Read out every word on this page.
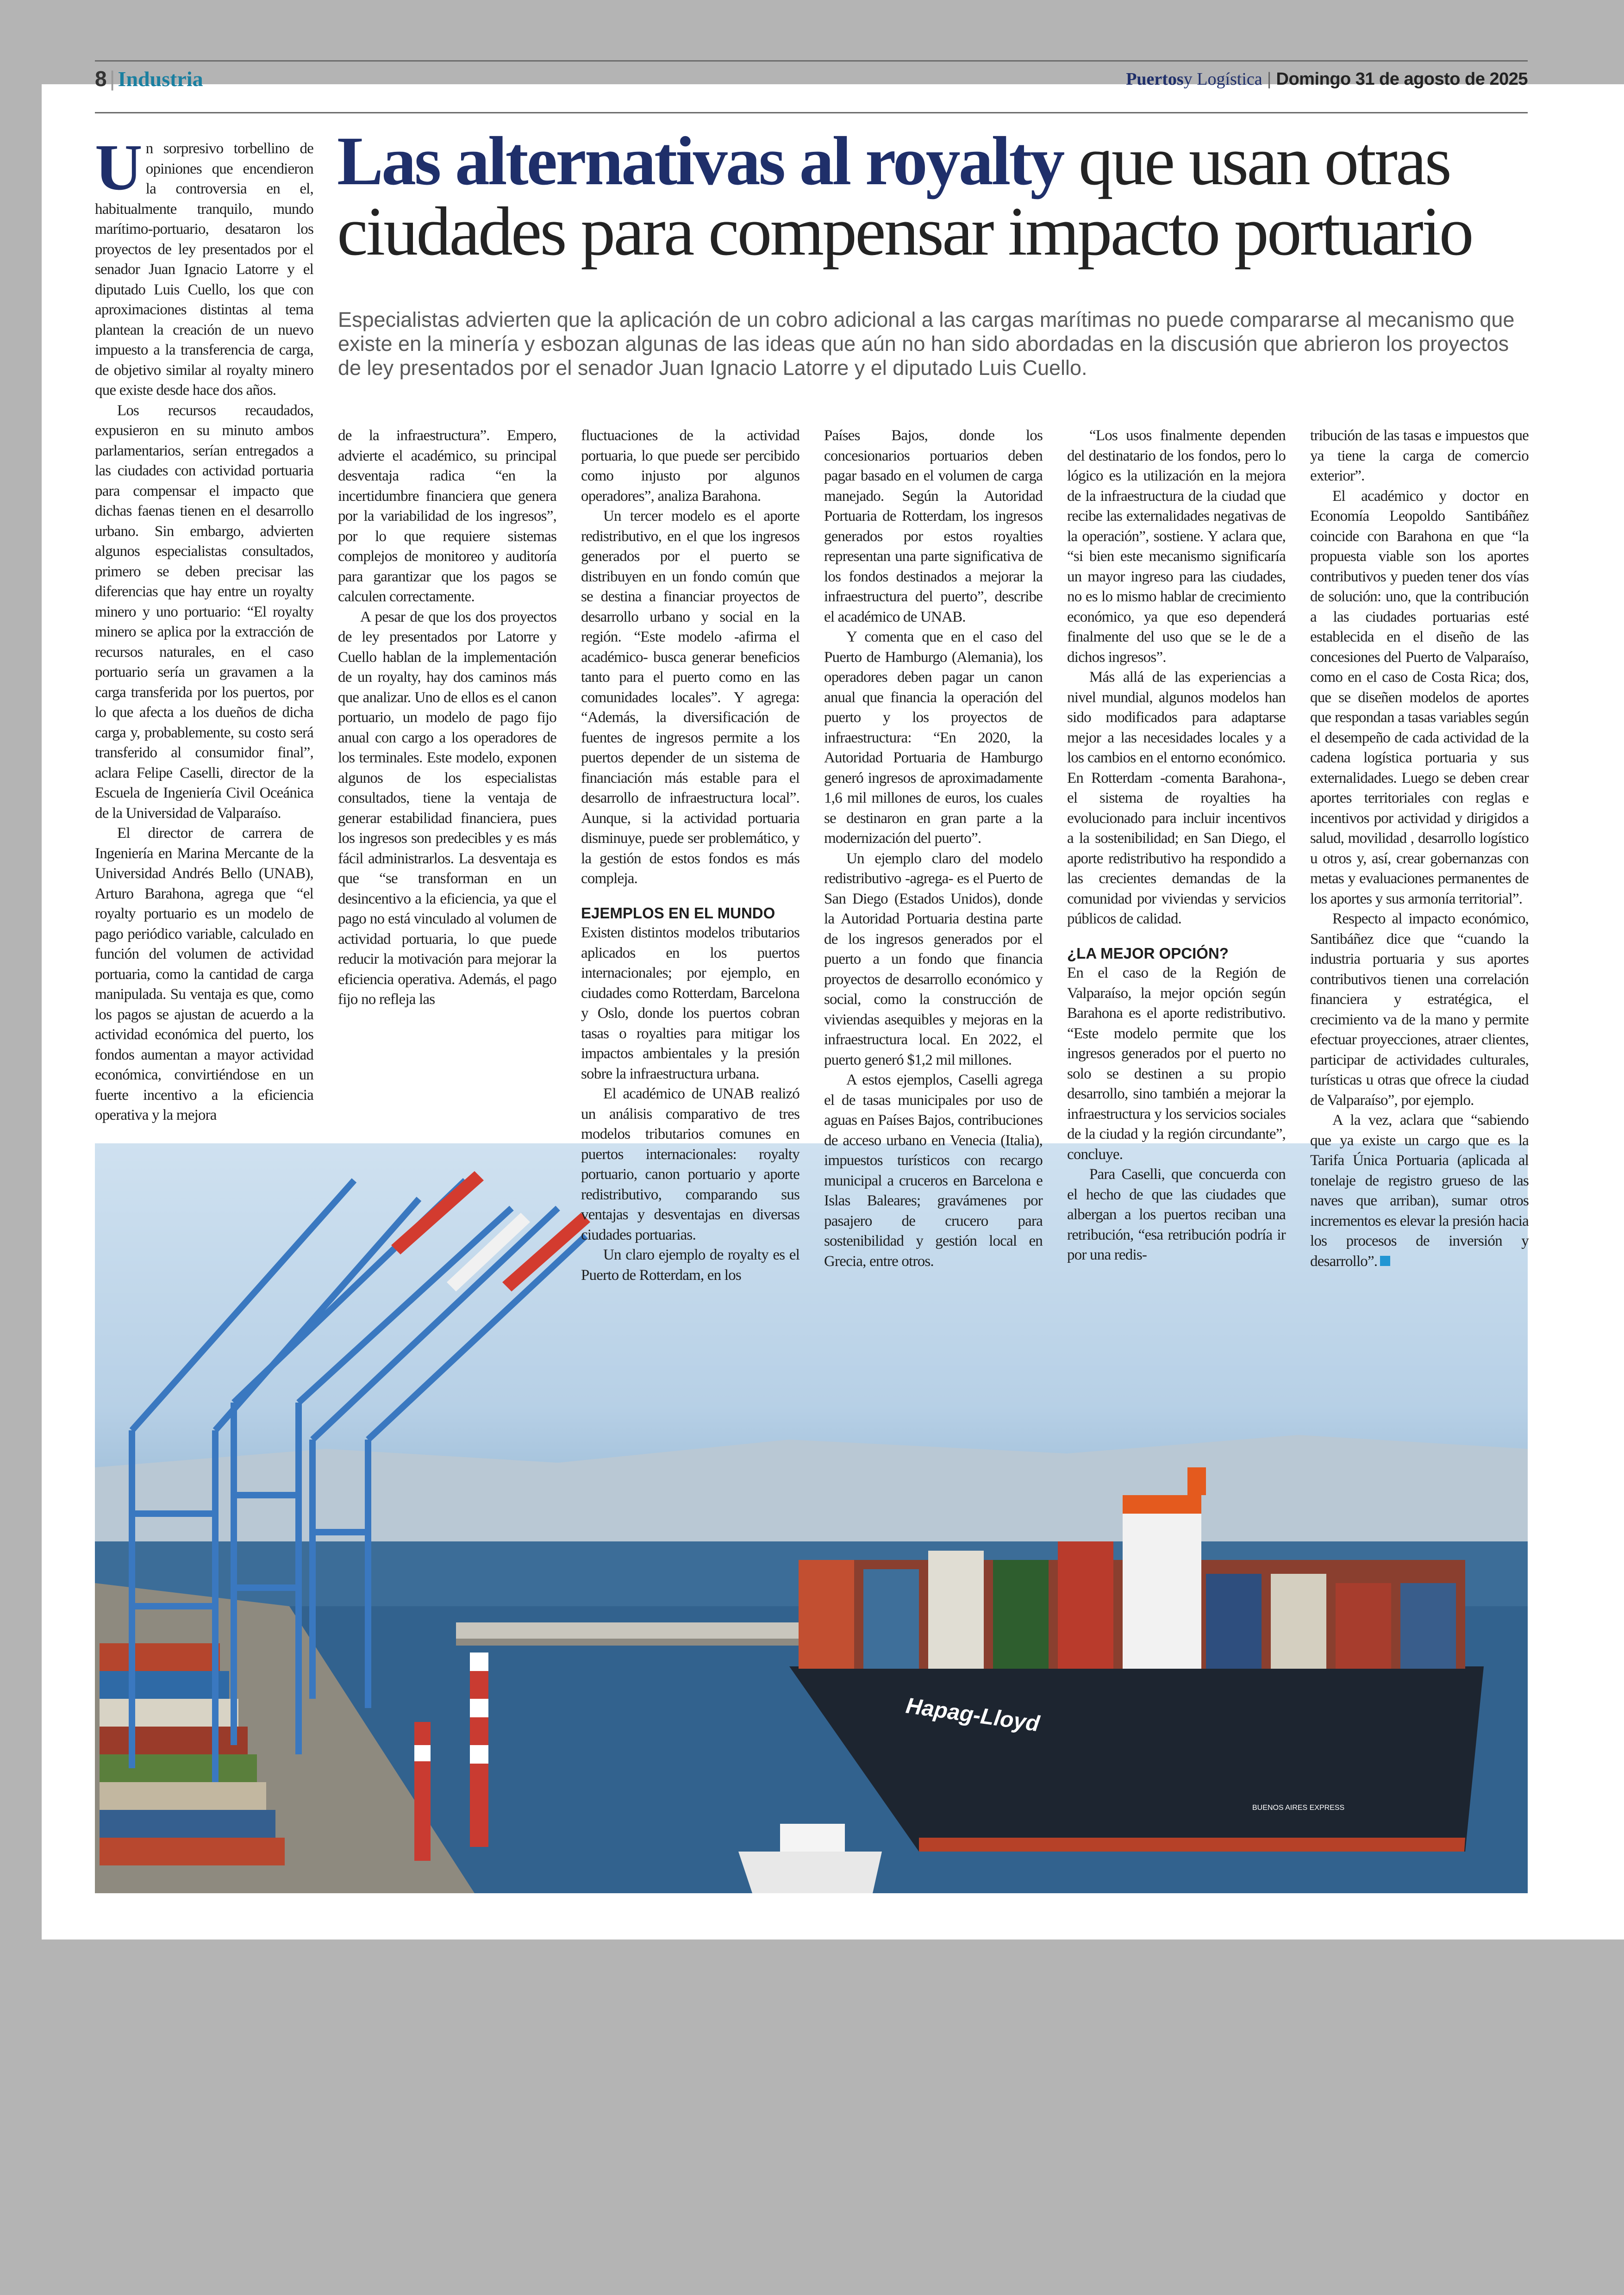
8 | Industria	Puertosy Logística | Domingo 31 de agosto de 2025
Hapag-Lloyd
BUENOS AIRES EXPRESS
Las alternativas al royalty que usan otras ciudades para compensar impacto portuario

Especialistas advierten que la aplicación de un cobro adicional a las cargas marítimas no puede compararse al mecanismo que existe en la minería y esbozan algunas de las ideas que aún no han sido abordadas en la discusión que abrieron los proyectos de ley presentados por el senador Juan Ignacio Latorre y el diputado Luis Cuello.

Un sorpresivo torbellino de opiniones que encendieron la controversia en el, habitualmente tranquilo, mundo marítimo-portuario, desataron los proyectos de ley presentados por el senador Juan Ignacio Latorre y el diputado Luis Cuello, los que con aproximaciones distintas al tema plantean la creación de un nuevo impuesto a la transferencia de carga, de objetivo similar al royalty minero que existe desde hace dos años.

Los recursos recaudados, expusieron en su minuto ambos parlamentarios, serían entregados a las ciudades con actividad portuaria para compensar el impacto que dichas faenas tienen en el desarrollo urbano. Sin embargo, advierten algunos especialistas consultados, primero se deben precisar las diferencias que hay entre un royalty minero y uno portuario: “El royalty minero se aplica por la extracción de recursos naturales, en el caso portuario sería un gravamen a la carga transferida por los puertos, por lo que afecta a los dueños de dicha carga y, probablemente, su costo será transferido al consumidor final”, aclara Felipe Caselli, director de la Escuela de Ingeniería Civil Oceánica de la Universidad de Valparaíso.

El director de carrera de Ingeniería en Marina Mercante de la Universidad Andrés Bello (UNAB), Arturo Barahona, agrega que “el royalty portuario es un modelo de pago periódico variable, calculado en función del volumen de actividad portuaria, como la cantidad de carga manipulada. Su ventaja es que, como los pagos se ajustan de acuerdo a la actividad económica del puerto, los fondos aumentan a mayor actividad económica, convirtiéndose en un fuerte incentivo a la eficiencia operativa y la mejora

de la infraestructura”. Empero, advierte el académico, su principal desventaja radica “en la incertidumbre financiera que genera por la variabilidad de los ingresos”, por lo que requiere sistemas complejos de monitoreo y auditoría para garantizar que los pagos se calculen correctamente.

A pesar de que los dos proyectos de ley presentados por Latorre y Cuello hablan de la implementación de un royalty, hay dos caminos más que analizar. Uno de ellos es el canon portuario, un modelo de pago fijo anual con cargo a los operadores de los terminales. Este modelo, exponen algunos de los especialistas consultados, tiene la ventaja de generar estabilidad financiera, pues los ingresos son predecibles y es más fácil administrarlos. La desventaja es que “se transforman en un desincentivo a la eficiencia, ya que el pago no está vinculado al volumen de actividad portuaria, lo que puede reducir la motivación para mejorar la eficiencia operativa. Además, el pago fijo no refleja las

fluctuaciones de la actividad portuaria, lo que puede ser percibido como injusto por algunos operadores”, analiza Barahona.

Un tercer modelo es el aporte redistributivo, en el que los ingresos generados por el puerto se distribuyen en un fondo común que se destina a financiar proyectos de desarrollo urbano y social en la región. “Este modelo -afirma el académico- busca generar beneficios tanto para el puerto como en las comunidades locales”. Y agrega: “Además, la diversificación de fuentes de ingresos permite a los puertos depender de un sistema de financiación más estable para el desarrollo de infraestructura local”. Aunque, si la actividad portuaria disminuye, puede ser problemático, y la gestión de estos fondos es más compleja.

EJEMPLOS EN EL MUNDO

Existen distintos modelos tributarios aplicados en los puertos internacionales; por ejemplo, en ciudades como Rotterdam, Barcelona y Oslo, donde los puertos cobran tasas o royalties para mitigar los impactos ambientales y la presión sobre la infraestructura urbana.

El académico de UNAB realizó un análisis comparativo de tres modelos tributarios comunes en puertos internacionales: royalty portuario, canon portuario y aporte redistributivo, comparando sus ventajas y desventajas en diversas ciudades portuarias.

Un claro ejemplo de royalty es el Puerto de Rotterdam, en los

Países Bajos, donde los concesionarios portuarios deben pagar basado en el volumen de carga manejado. Según la Autoridad Portuaria de Rotterdam, los ingresos generados por estos royalties representan una parte significativa de los fondos destinados a mejorar la infraestructura del puerto”, describe el académico de UNAB.

Y comenta que en el caso del Puerto de Hamburgo (Alemania), los operadores deben pagar un canon anual que financia la operación del puerto y los proyectos de infraestructura: “En 2020, la Autoridad Portuaria de Hamburgo generó ingresos de aproximadamente 1,6 mil millones de euros, los cuales se destinaron en gran parte a la modernización del puerto”.

Un ejemplo claro del modelo redistributivo -agrega- es el Puerto de San Diego (Estados Unidos), donde la Autoridad Portuaria destina parte de los ingresos generados por el puerto a un fondo que financia proyectos de desarrollo económico y social, como la construcción de viviendas asequibles y mejoras en la infraestructura local. En 2022, el puerto generó $1,2 mil millones.

A estos ejemplos, Caselli agrega el de tasas municipales por uso de aguas en Países Bajos, contribuciones de acceso urbano en Venecia (Italia), impuestos turísticos con recargo municipal a cruceros en Barcelona e Islas Baleares; gravámenes por pasajero de crucero para sostenibilidad y gestión local en Grecia, entre otros.

“Los usos finalmente dependen del destinatario de los fondos, pero lo lógico es la utilización en la mejora de la infraestructura de la ciudad que recibe las externalidades negativas de la operación”, sostiene. Y aclara que, “si bien este mecanismo significaría un mayor ingreso para las ciudades, no es lo mismo hablar de crecimiento económico, ya que eso dependerá finalmente del uso que se le de a dichos ingresos”.

Más allá de las experiencias a nivel mundial, algunos modelos han sido modificados para adaptarse mejor a las necesidades locales y a los cambios en el entorno económico. En Rotterdam -comenta Barahona-, el sistema de royalties ha evolucionado para incluir incentivos a la sostenibilidad; en San Diego, el aporte redistributivo ha respondido a las crecientes demandas de la comunidad por viviendas y servicios públicos de calidad.

¿LA MEJOR OPCIÓN?

En el caso de la Región de Valparaíso, la mejor opción según Barahona es el aporte redistributivo. “Este modelo permite que los ingresos generados por el puerto no solo se destinen a su propio desarrollo, sino también a mejorar la infraestructura y los servicios sociales de la ciudad y la región circundante”, concluye.

Para Caselli, que concuerda con el hecho de que las ciudades que albergan a los puertos reciban una retribución, “esa retribución podría ir por una redis-

tribución de las tasas e impuestos que ya tiene la carga de comercio exterior”.

El académico y doctor en Economía Leopoldo Santibáñez coincide con Barahona en que “la propuesta viable son los aportes contributivos y pueden tener dos vías de solución: uno, que la contribución a las ciudades portuarias esté establecida en el diseño de las concesiones del Puerto de Valparaíso, como en el caso de Costa Rica; dos, que se diseñen modelos de aportes que respondan a tasas variables según el desempeño de cada actividad de la cadena logística portuaria y sus externalidades. Luego se deben crear aportes territoriales con reglas e incentivos por actividad y dirigidos a salud, movilidad , desarrollo logístico u otros y, así, crear gobernanzas con metas y evaluaciones permanentes de los aportes y sus armonía territorial”.

Respecto al impacto económico, Santibáñez dice que “cuando la industria portuaria y sus aportes contributivos tienen una correlación financiera y estratégica, el crecimiento va de la mano y permite efectuar proyecciones, atraer clientes, participar de actividades culturales, turísticas u otras que ofrece la ciudad de Valparaíso”, por ejemplo.

A la vez, aclara que “sabiendo que ya existe un cargo que es la Tarifa Única Portuaria (aplicada al tonelaje de registro grueso de las naves que arriban), sumar otros incrementos es elevar la presión hacia los procesos de inversión y desarrollo”.
